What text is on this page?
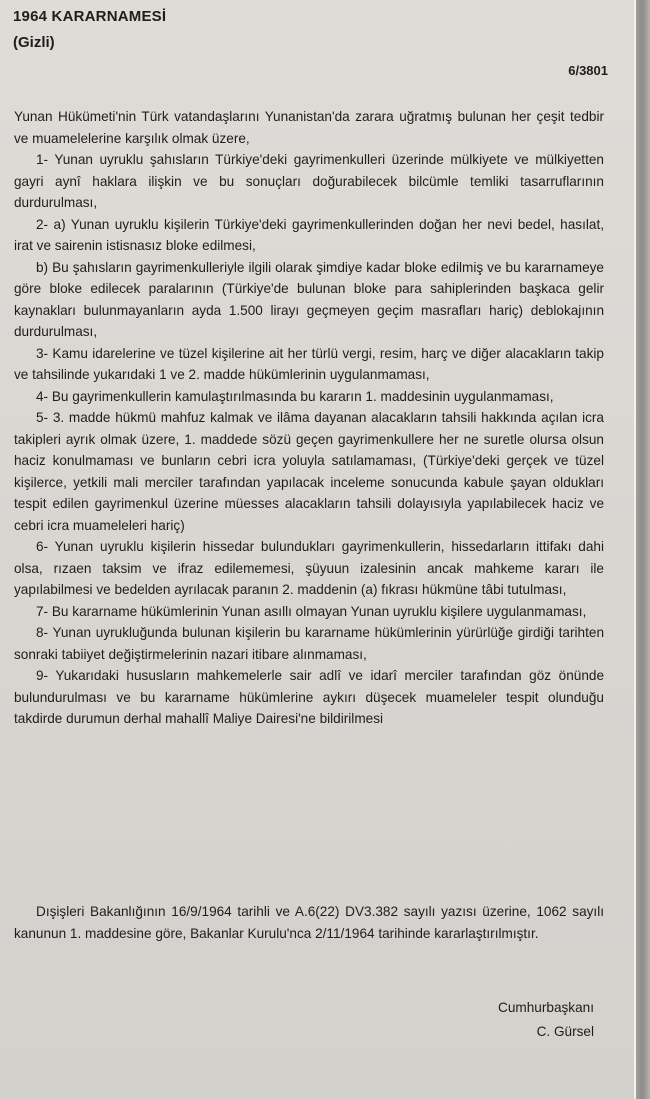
1964 KARARNAMESİ
(Gizli)
6/3801

Yunan Hükümeti'nin Türk vatandaşlarını Yunanistan'da zarara uğratmış bulunan her çeşit tedbir ve muamelelerine karşılık olmak üzere,

1- Yunan uyruklu şahısların Türkiye'deki gayrimenkulleri üzerinde mülkiyete ve mülkiyetten gayri aynî haklara ilişkin ve bu sonuçları doğurabilecek bilcümle temliki tasarruflarının durdurulması,

2- a) Yunan uyruklu kişilerin Türkiye'deki gayrimenkullerinden doğan her nevi bedel, hasılat, irat ve sairenin istisnasız bloke edilmesi,

b) Bu şahısların gayrimenkulleriyle ilgili olarak şimdiye kadar bloke edilmiş ve bu kararnameye göre bloke edilecek paralarının (Türkiye'de bulunan bloke para sahiplerinden başkaca gelir kaynakları bulunmayanların ayda 1.500 lirayı geçmeyen geçim masrafları hariç) deblokajının durdurulması,

3- Kamu idarelerine ve tüzel kişilerine ait her türlü vergi, resim, harç ve diğer alacakların takip ve tahsilinde yukarıdaki 1 ve 2. madde hükümlerinin uygulanmaması,

4- Bu gayrimenkullerin kamulaştırılmasında bu kararın 1. maddesinin uygulanmaması,

5- 3. madde hükmü mahfuz kalmak ve ilâma dayanan alacakların tahsili hakkında açılan icra takipleri ayrık olmak üzere, 1. maddede sözü geçen gayrimenkullere her ne suretle olursa olsun haciz konulmaması ve bunların cebri icra yoluyla satılamaması, (Türkiye'deki gerçek ve tüzel kişilerce, yetkili mali merciler tarafından yapılacak inceleme sonucunda kabule şayan oldukları tespit edilen gayrimenkul üzerine müesses alacakların tahsili dolayısıyla yapılabilecek haciz ve cebri icra muameleleri hariç)

6- Yunan uyruklu kişilerin hissedar bulundukları gayrimenkullerin, hissedarların ittifakı dahi olsa, rızaen taksim ve ifraz edilememesi, şüyuun izalesinin ancak mahkeme kararı ile yapılabilmesi ve bedelden ayrılacak paranın 2. maddenin (a) fıkrası hükmüne tâbi tutulması,

7- Bu kararname hükümlerinin Yunan asıllı olmayan Yunan uyruklu kişilere uygulanmaması,

8- Yunan uyrukluğunda bulunan kişilerin bu kararname hükümlerinin yürürlüğe girdiği tarihten sonraki tabiiyet değiştirmelerinin nazari itibare alınmaması,

9- Yukarıdaki hususların mahkemelerle sair adlî ve idarî merciler tarafından göz önünde bulundurulması ve bu kararname hükümlerine aykırı düşecek muameleler tespit olunduğu takdirde durumun derhal mahallî Maliye Dairesi'ne bildirilmesi

Dışişleri Bakanlığının 16/9/1964 tarihli ve A.6(22) DV3.382 sayılı yazısı üzerine, 1062 sayılı kanunun 1. maddesine göre, Bakanlar Kurulu'nca 2/11/1964 tarihinde kararlaştırılmıştır.
Cumhurbaşkanı
C. Gürsel
